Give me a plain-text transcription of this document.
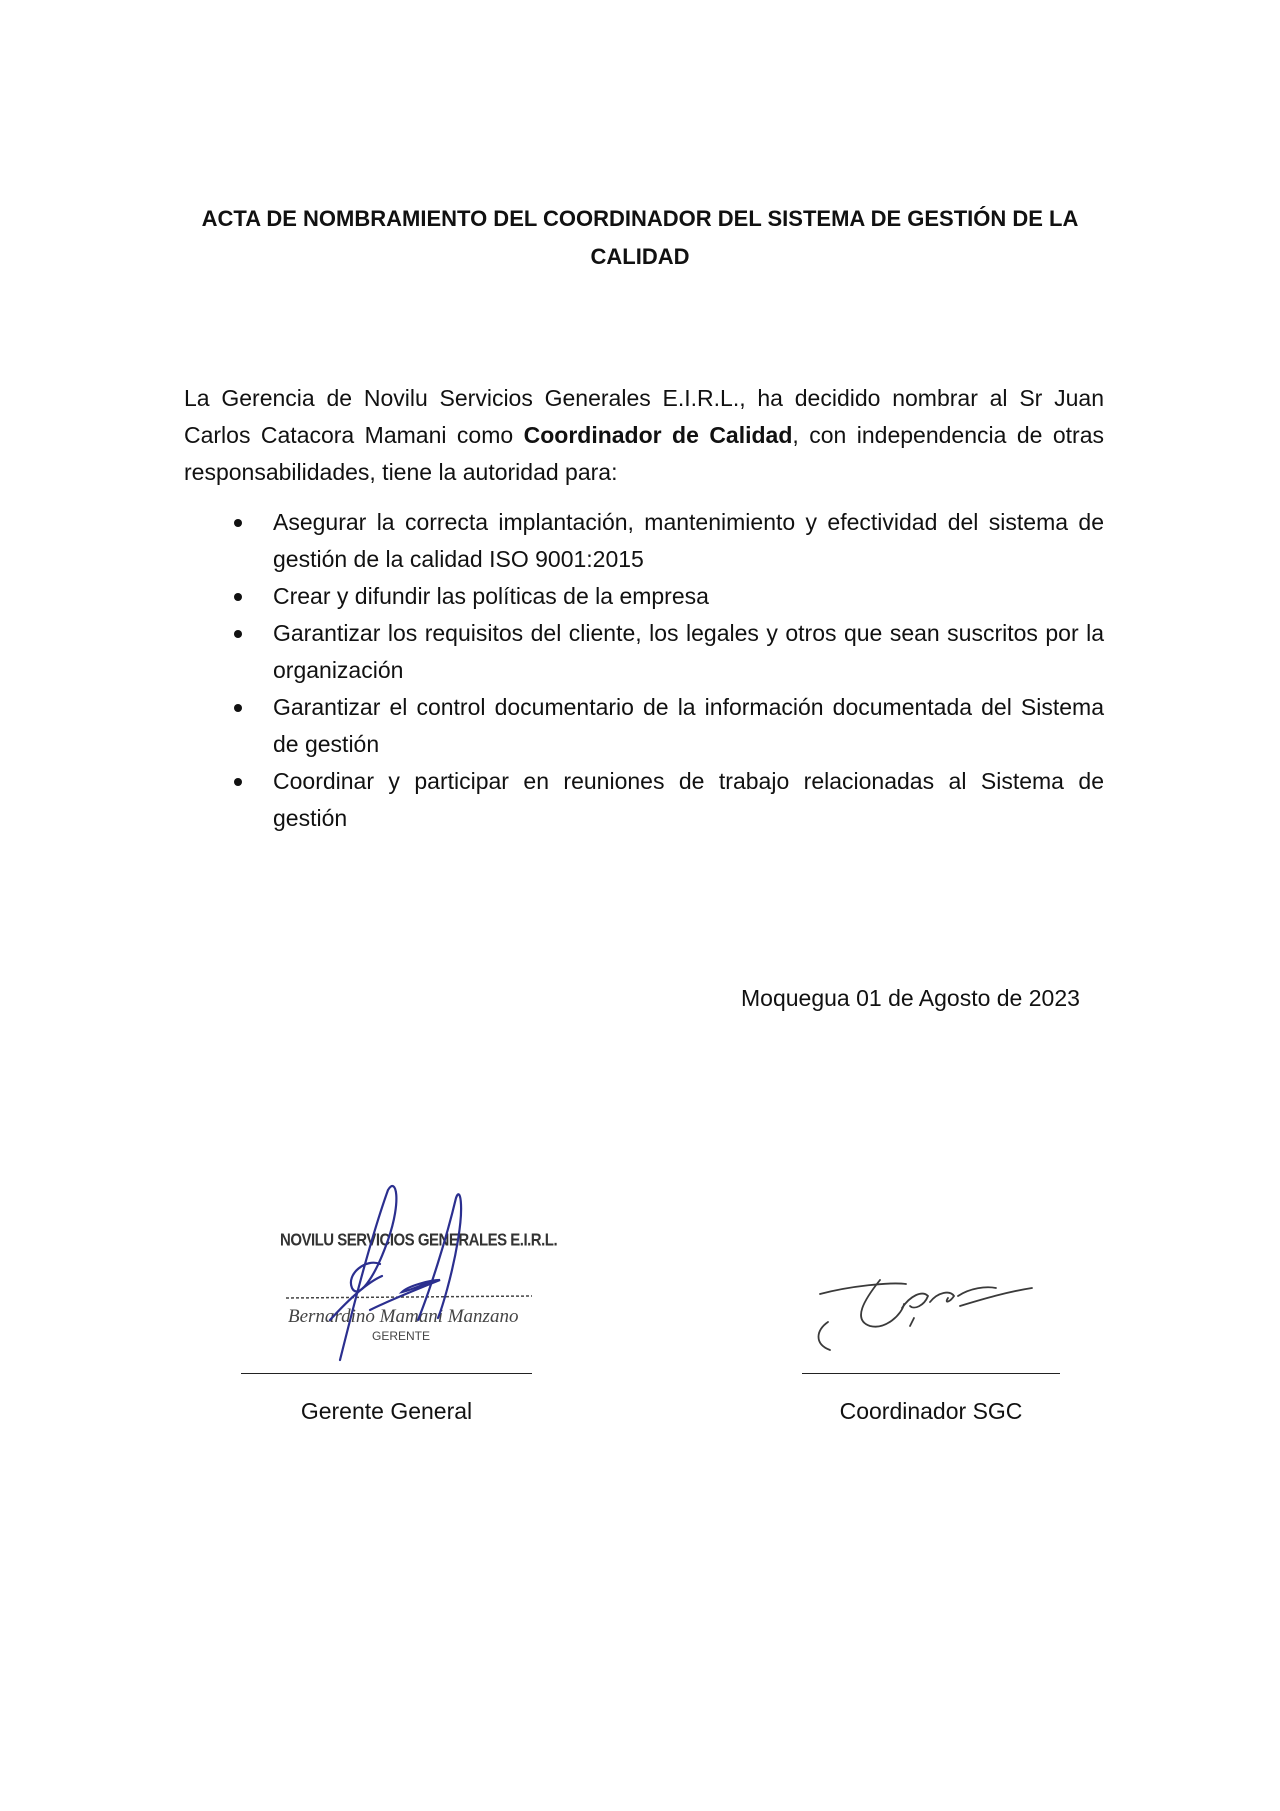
ACTA DE NOMBRAMIENTO DEL COORDINADOR DEL SISTEMA DE GESTIÓN DE LA CALIDAD

La Gerencia de Novilu Servicios Generales E.I.R.L., ha decidido nombrar al Sr Juan Carlos Catacora Mamani como Coordinador de Calidad, con independencia de otras responsabilidades, tiene la autoridad para:

Asegurar la correcta implantación, mantenimiento y efectividad del sistema de gestión de la calidad ISO 9001:2015
Crear y difundir las políticas de la empresa
Garantizar los requisitos del cliente, los legales y otros que sean suscritos por la organización
Garantizar el control documentario de la información documentada del Sistema de gestión
Coordinar y participar en reuniones de trabajo relacionadas al Sistema de gestión
Moquegua 01 de Agosto de 2023
NOVILU SERVICIOS GENERALES E.I.R.L.
Bernardino Mamani Manzano
GERENTE
Gerente General	Coordinador SGC
